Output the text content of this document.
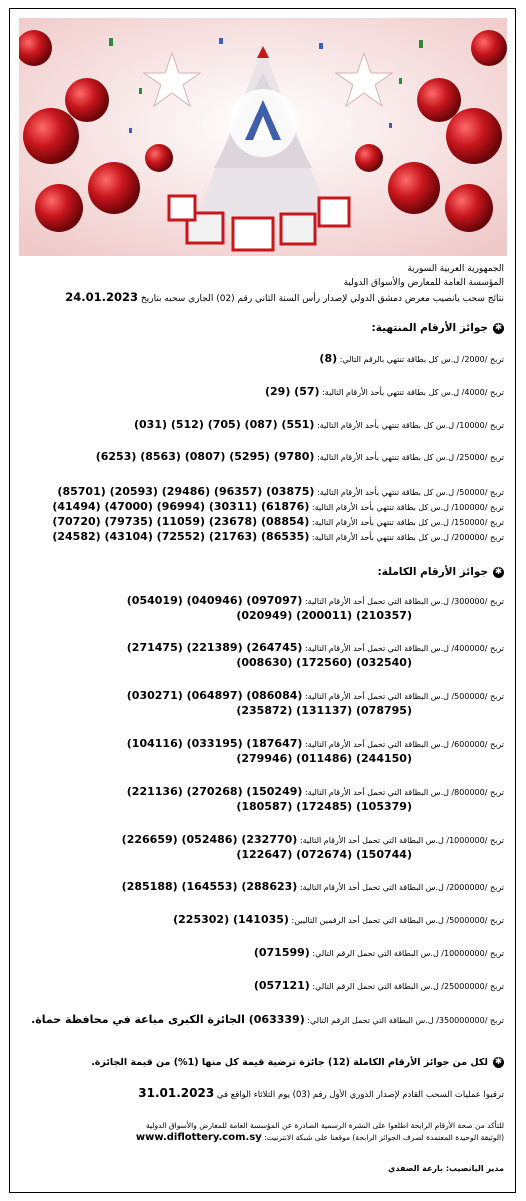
الجمهورية العربية السورية
المؤسسة العامة للمعارض والأسواق الدولية
نتائج سحب يانصيب معرض دمشق الدولي لإصدار رأس السنة الثاني رقم (02) الجاري سحبه بتاريخ 24.01.2023
✱
جوائز الأرقام المنتهية:
تربح /2000/ ل.س كل بطاقة تنتهي بالرقم التالي: (8)
تربح /4000/ ل.س كل بطاقة تنتهي بأحد الأرقام التالية: (57) (29)
تربح /10000/ ل.س كل بطاقة تنتهي بأحد الأرقام التالية: (551) (087) (705) (512) (031)
تربح /25000/ ل.س كل بطاقة تنتهي بأحد الأرقام التالية: (9780) (5295) (0807) (8563) (6253)
تربح /50000/ ل.س كل بطاقة تنتهي بأحد الأرقام التالية: (03875) (96357) (29486) (20593) (85701)
تربح /100000/ ل.س كل بطاقة تنتهي بأحد الأرقام التالية: (61876) (30311) (96994) (47000) (41494)
تربح /150000/ ل.س كل بطاقة تنتهي بأحد الأرقام التالية: (08854) (23678) (11059) (79735) (70720)
تربح /200000/ ل.س كل بطاقة تنتهي بأحد الأرقام التالية: (86535) (21763) (72552) (43104) (24582)
✱
جوائز الأرقام الكاملة:
تربح /300000/ ل.س البطاقة التي تحمل أحد الأرقام التالية: (097097) (040946) (054019)
(210357) (200011) (020949)
تربح /400000/ ل.س البطاقة التي تحمل أحد الأرقام التالية: (264745) (221389) (271475)
(032540) (172560) (008630)
تربح /500000/ ل.س البطاقة التي تحمل أحد الأرقام التالية: (086084) (064897) (030271)
(078795) (131137) (235872)
تربح /600000/ ل.س البطاقة التي تحمل أحد الأرقام التالية: (187647) (033195) (104116)
(244150) (011486) (279946)
تربح /800000/ ل.س البطاقة التي تحمل أحد الأرقام التالية: (150249) (270268) (221136)
(105379) (172485) (180587)
تربح /1000000/ ل.س البطاقة التي تحمل أحد الأرقام التالية: (232770) (052486) (226659)
(150744) (072674) (122647)
تربح /2000000/ ل.س البطاقة التي تحمل أحد الأرقام التالية: (288623) (164553) (285188)
تربح /5000000/ ل.س البطاقة التي تحمل أحد الرقمين التاليين: (141035) (225302)
تربح /10000000/ ل.س البطاقة التي تحمل الرقم التالي: (071599)
تربح /25000000/ ل.س البطاقة التي تحمل الرقم التالي: (057121)
تربح /350000000/ ل.س البطاقة التي تحمل الرقم التالي: (063339) الجائزة الكبرى مباعة في محافظة حماة.
✱
لكل من جوائز الأرقام الكاملة (12) جائزة ترضية قيمة كل منها (1%) من قيمة الجائزة.
ترقبوا عمليات السحب القادم لإصدار الدوري الأول رقم (03) يوم الثلاثاء الواقع في 31.01.2023
للتأكد من صحة الأرقام الرابحة اطلعوا على النشرة الرسمية الصادرة عن المؤسسة العامة للمعارض والأسواق الدولية
(الوثيقة الوحيدة المعتمدة لصرف الجوائز الرابحة) موقعنا على شبكة الانترنيت: www.diflottery.com.sy
مدير اليانصيب: بارعة الصفدي
